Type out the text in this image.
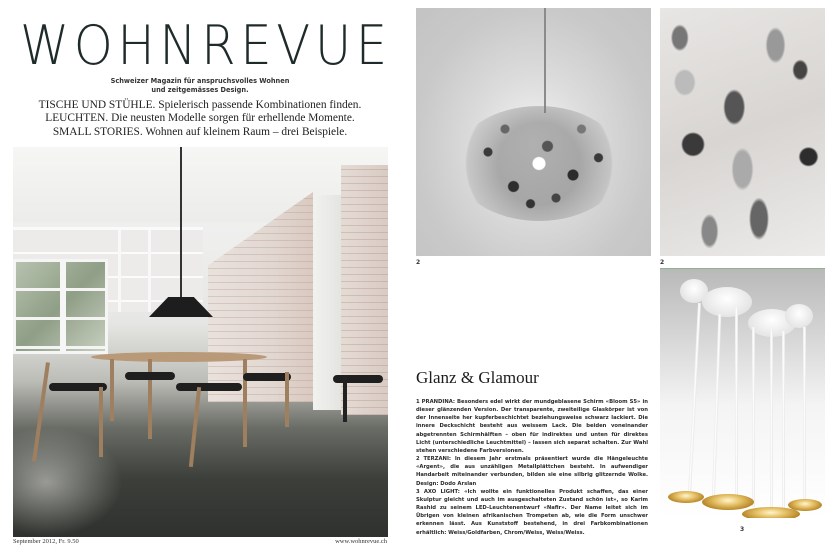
WOHNREVUE
Schweizer Magazin für anspruchsvolles Wohnen
und zeitgemässes Design.
TISCHE UND STÜHLE. Spielerisch passende Kombinationen finden.
LEUCHTEN. Die neusten Modelle sorgen für erhellende Momente.
SMALL STORIES. Wohnen auf kleinem Raum – drei Beispiele.
September 2012, Fr. 9.50	www.wohnrevue.ch
2	2
3
Glanz & Glamour

1 PRANDINA: Besonders edel wirkt der mundgeblasene Schirm «Bloom S5» in dieser glänzenden Version. Der transparente, zweiteilige Glaskörper ist von der Innenseite her kupferbeschichtet beziehungsweise schwarz lackiert. Die innere Deckschicht besteht aus weissem Lack. Die beiden voneinander abgetrennten Schirmhälften – oben für indirektes und unten für direktes Licht (unterschiedliche Leuchtmittel) – lassen sich separat schalten. Zur Wahl stehen verschiedene Farbversionen.

2 TERZANI: In diesem Jahr erstmals präsentiert wurde die Hängeleuchte «Argent», die aus unzähligen Metallplättchen besteht. In aufwendiger Handarbeit miteinander verbunden, bilden sie eine silbrig glitzernde Wolke. Design: Dodo Arslan

3 AXO LIGHT: «Ich wollte ein funktionelles Produkt schaffen, das einer Skulptur gleicht und auch im ausgeschalteten Zustand schön ist», so Karim Rashid zu seinem LED-Leuchtenentwurf «Nafir». Der Name leitet sich im Übrigen von kleinen afrikanischen Trompeten ab, wie die Form unschwer erkennen lässt. Aus Kunststoff bestehend, in drei Farbkombinationen erhältlich: Weiss/Goldfarben, Chrom/Weiss, Weiss/Weiss.
